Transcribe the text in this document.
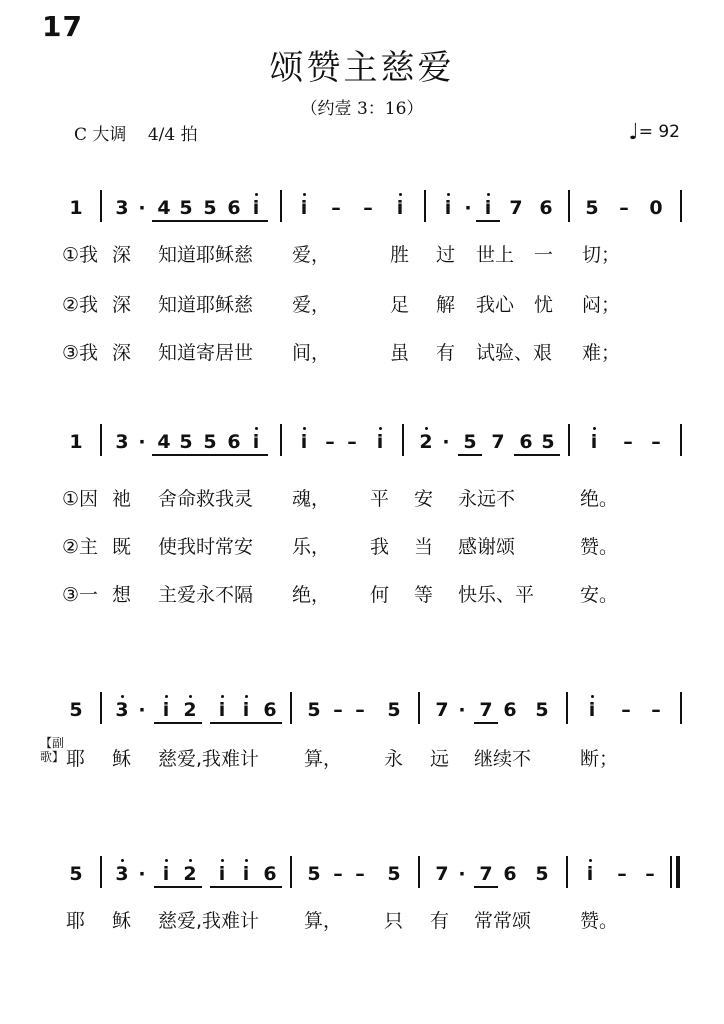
17
颂赞主慈爱
（约壹 3：16）
C 大调 4/4 拍	♩= 92
1 3 · 4 5 5 6 i	i	–	–	i	i · i 7 6 5	–	0
①我 深 知道耶稣慈 爱，	胜 过 世上 一 切；
②我 深 知道耶稣慈 爱，	足 解 我心 忧 闷；
③我 深 知道寄居世 间，	虽 有 试验、艰 难；
1 3 · 4 5 5 6 i	i – –	i	2 · 5 7 6 5	i	– –
①因 祂 舍命救我灵 魂， 平 安 永远不	绝。
②主 既 使我时常安 乐， 我 当 感谢颂	赞。
③一 想 主爱永不隔 绝， 何 等 快乐、平 安。
5 3 · i 2	i i 6 5 – –	5 7 · 7 6 5	i	–	–
【副歌】 耶 稣 慈爱,我难计 算， 永 远 继续不	断；
5 3 · i 2	i i 6 5 – –	5 7 · 7 6 5	i	– –
耶 稣 慈爱,我难计 算， 只 有 常常颂	赞。
